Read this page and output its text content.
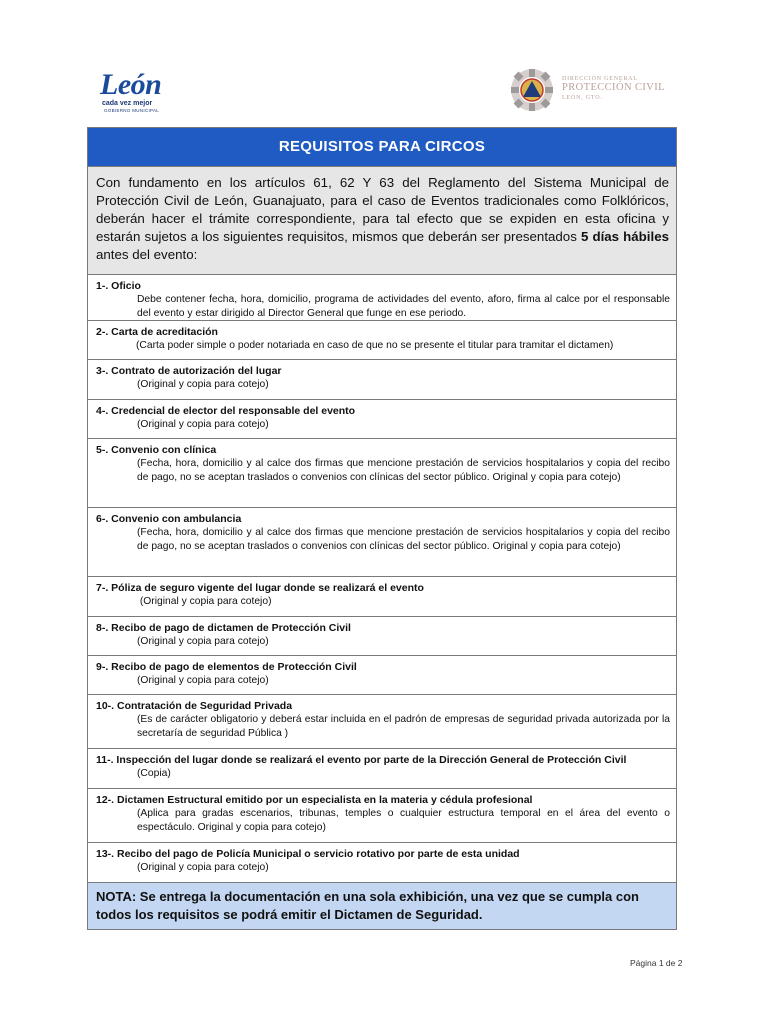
León
cada vez mejor
GOBIERNO MUNICIPAL
DIRECCIÓN GENERAL
PROTECCIÓN CIVIL
LEÓN, GTO.
REQUISITOS PARA CIRCOS
Con fundamento en los artículos 61, 62 Y 63 del Reglamento del Sistema Municipal de Protección Civil de León, Guanajuato, para el caso de Eventos tradicionales como Folklóricos, deberán hacer el trámite correspondiente, para tal efecto que se expiden en esta oficina y estarán sujetos a los siguientes requisitos, mismos que deberán ser presentados 5 días hábiles antes del evento:
1-. Oficio
Debe contener fecha, hora, domicilio, programa de actividades del evento, aforo, firma al calce por el responsable del evento y estar dirigido al Director General que funge en ese periodo.
2-. Carta de acreditación
(Carta poder simple o poder notariada en caso de que no se presente el titular para tramitar el dictamen)
3-. Contrato de autorización del lugar
(Original y copia para cotejo)
4-. Credencial de elector del responsable del evento
(Original y copia para cotejo)
5-. Convenio con clínica
(Fecha, hora, domicilio y al calce dos firmas que mencione prestación de servicios hospitalarios y copia del recibo de pago, no se aceptan traslados o convenios con clínicas del sector público. Original y copia para cotejo)
6-. Convenio con ambulancia
(Fecha, hora, domicilio y al calce dos firmas que mencione prestación de servicios hospitalarios y copia del recibo de pago, no se aceptan traslados o convenios con clínicas del sector público. Original y copia para cotejo)
7-. Póliza de seguro vigente del lugar donde se realizará el evento
(Original y copia para cotejo)
8-. Recibo de pago de dictamen de Protección Civil
(Original y copia para cotejo)
9-. Recibo de pago de elementos de Protección Civil
(Original y copia para cotejo)
10-. Contratación de Seguridad Privada
(Es de carácter obligatorio y deberá estar incluida en el padrón de empresas de seguridad privada autorizada por la secretaría de seguridad Pública )
11-. Inspección del lugar donde se realizará el evento por parte de la Dirección General de Protección Civil
(Copia)
12-. Dictamen Estructural emitido por un especialista en la materia y cédula profesional
(Aplica para gradas escenarios, tribunas, temples o cualquier estructura temporal en el área del evento o espectáculo. Original y copia para cotejo)
13-. Recibo del pago de Policía Municipal o servicio rotativo por parte de esta unidad
(Original y copia para cotejo)
NOTA: Se entrega la documentación en una sola exhibición, una vez que se cumpla con todos los requisitos se podrá emitir el Dictamen de Seguridad.
Página 1 de 2
